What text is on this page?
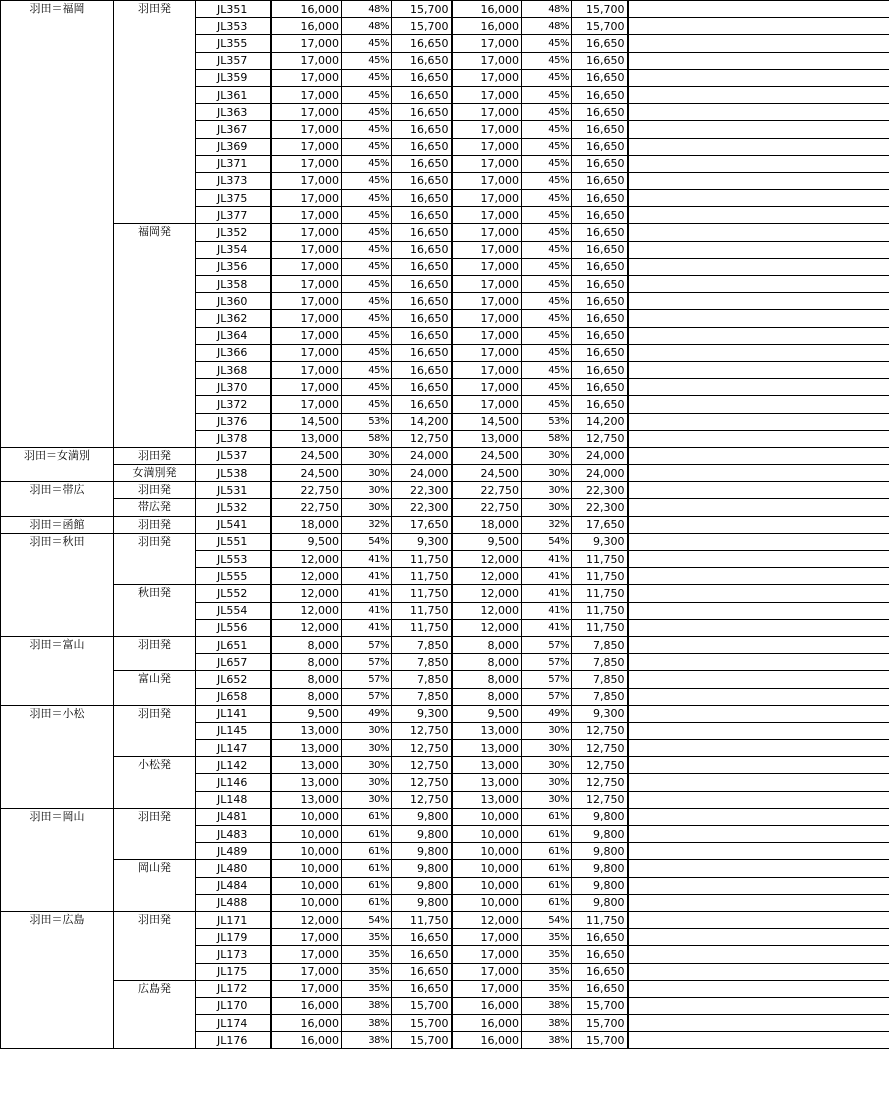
羽田＝福岡	羽田発	JL351	16,000	48%	15,700	16,000	48%	15,700	
		JL353	16,000	48%	15,700	16,000	48%	15,700	
		JL355	17,000	45%	16,650	17,000	45%	16,650	
		JL357	17,000	45%	16,650	17,000	45%	16,650	
		JL359	17,000	45%	16,650	17,000	45%	16,650	
		JL361	17,000	45%	16,650	17,000	45%	16,650	
		JL363	17,000	45%	16,650	17,000	45%	16,650	
		JL367	17,000	45%	16,650	17,000	45%	16,650	
		JL369	17,000	45%	16,650	17,000	45%	16,650	
		JL371	17,000	45%	16,650	17,000	45%	16,650	
		JL373	17,000	45%	16,650	17,000	45%	16,650	
		JL375	17,000	45%	16,650	17,000	45%	16,650	
		JL377	17,000	45%	16,650	17,000	45%	16,650	
	福岡発	JL352	17,000	45%	16,650	17,000	45%	16,650	
		JL354	17,000	45%	16,650	17,000	45%	16,650	
		JL356	17,000	45%	16,650	17,000	45%	16,650	
		JL358	17,000	45%	16,650	17,000	45%	16,650	
		JL360	17,000	45%	16,650	17,000	45%	16,650	
		JL362	17,000	45%	16,650	17,000	45%	16,650	
		JL364	17,000	45%	16,650	17,000	45%	16,650	
		JL366	17,000	45%	16,650	17,000	45%	16,650	
		JL368	17,000	45%	16,650	17,000	45%	16,650	
		JL370	17,000	45%	16,650	17,000	45%	16,650	
		JL372	17,000	45%	16,650	17,000	45%	16,650	
		JL376	14,500	53%	14,200	14,500	53%	14,200	
		JL378	13,000	58%	12,750	13,000	58%	12,750	
羽田＝女満別	羽田発	JL537	24,500	30%	24,000	24,500	30%	24,000	
	女満別発	JL538	24,500	30%	24,000	24,500	30%	24,000	
羽田＝帯広	羽田発	JL531	22,750	30%	22,300	22,750	30%	22,300	
	帯広発	JL532	22,750	30%	22,300	22,750	30%	22,300	
羽田＝函館	羽田発	JL541	18,000	32%	17,650	18,000	32%	17,650	
羽田＝秋田	羽田発	JL551	9,500	54%	9,300	9,500	54%	9,300	
		JL553	12,000	41%	11,750	12,000	41%	11,750	
		JL555	12,000	41%	11,750	12,000	41%	11,750	
	秋田発	JL552	12,000	41%	11,750	12,000	41%	11,750	
		JL554	12,000	41%	11,750	12,000	41%	11,750	
		JL556	12,000	41%	11,750	12,000	41%	11,750	
羽田＝富山	羽田発	JL651	8,000	57%	7,850	8,000	57%	7,850	
		JL657	8,000	57%	7,850	8,000	57%	7,850	
	富山発	JL652	8,000	57%	7,850	8,000	57%	7,850	
		JL658	8,000	57%	7,850	8,000	57%	7,850	
羽田＝小松	羽田発	JL141	9,500	49%	9,300	9,500	49%	9,300	
		JL145	13,000	30%	12,750	13,000	30%	12,750	
		JL147	13,000	30%	12,750	13,000	30%	12,750	
	小松発	JL142	13,000	30%	12,750	13,000	30%	12,750	
		JL146	13,000	30%	12,750	13,000	30%	12,750	
		JL148	13,000	30%	12,750	13,000	30%	12,750	
羽田＝岡山	羽田発	JL481	10,000	61%	9,800	10,000	61%	9,800	
		JL483	10,000	61%	9,800	10,000	61%	9,800	
		JL489	10,000	61%	9,800	10,000	61%	9,800	
	岡山発	JL480	10,000	61%	9,800	10,000	61%	9,800	
		JL484	10,000	61%	9,800	10,000	61%	9,800	
		JL488	10,000	61%	9,800	10,000	61%	9,800	
羽田＝広島	羽田発	JL171	12,000	54%	11,750	12,000	54%	11,750	
		JL179	17,000	35%	16,650	17,000	35%	16,650	
		JL173	17,000	35%	16,650	17,000	35%	16,650	
		JL175	17,000	35%	16,650	17,000	35%	16,650	
	広島発	JL172	17,000	35%	16,650	17,000	35%	16,650	
		JL170	16,000	38%	15,700	16,000	38%	15,700	
		JL174	16,000	38%	15,700	16,000	38%	15,700	
		JL176	16,000	38%	15,700	16,000	38%	15,700	
